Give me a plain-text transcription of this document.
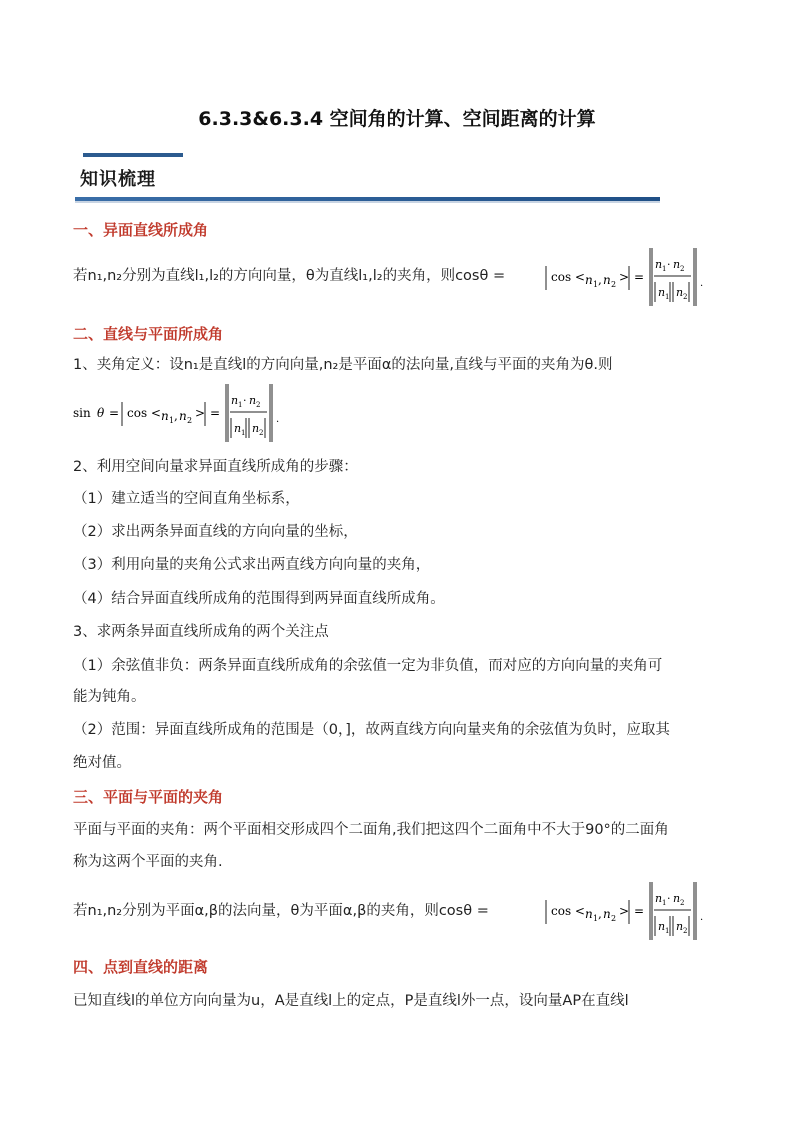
6.3.3&6.3.4 空间角的计算、空间距离的计算
知识梳理
一、异面直线所成角
若n₁,n₂分别为直线l₁,l₂的方向向量，θ为直线l₁,l₂的夹角，则cosθ =	cos < n 1 , n 2
> =
n 1 · n 2
n 1 n 2
.
二、直线与平面所成角
1、夹角定义：设n₁是直线l的方向向量,n₂是平面α的法向量,直线与平面的夹角为θ.则
sin θ = cos < n 1 , n 2
> =
n 1 · n 2
n 1 n 2
.
2、利用空间向量求异面直线所成角的步骤：
（1）建立适当的空间直角坐标系，
（2）求出两条异面直线的方向向量的坐标，
（3）利用向量的夹角公式求出两直线方向向量的夹角，
（4）结合异面直线所成角的范围得到两异面直线所成角。
3、求两条异面直线所成角的两个关注点
（1）余弦值非负：两条异面直线所成角的余弦值一定为非负值，而对应的方向向量的夹角可
能为钝角。
（2）范围：异面直线所成角的范围是（0，]，故两直线方向向量夹角的余弦值为负时，应取其
绝对值。
三、平面与平面的夹角
平面与平面的夹角：两个平面相交形成四个二面角,我们把这四个二面角中不大于90°的二面角
称为这两个平面的夹角.
若n₁,n₂分别为平面α,β的法向量，θ为平面α,β的夹角，则cosθ =	cos < n 1 , n 2
> =
n 1 · n 2
n 1 n 2
.
四、点到直线的距离
已知直线l的单位方向向量为u，A是直线l上的定点，P是直线l外一点，设向量AP在直线l
